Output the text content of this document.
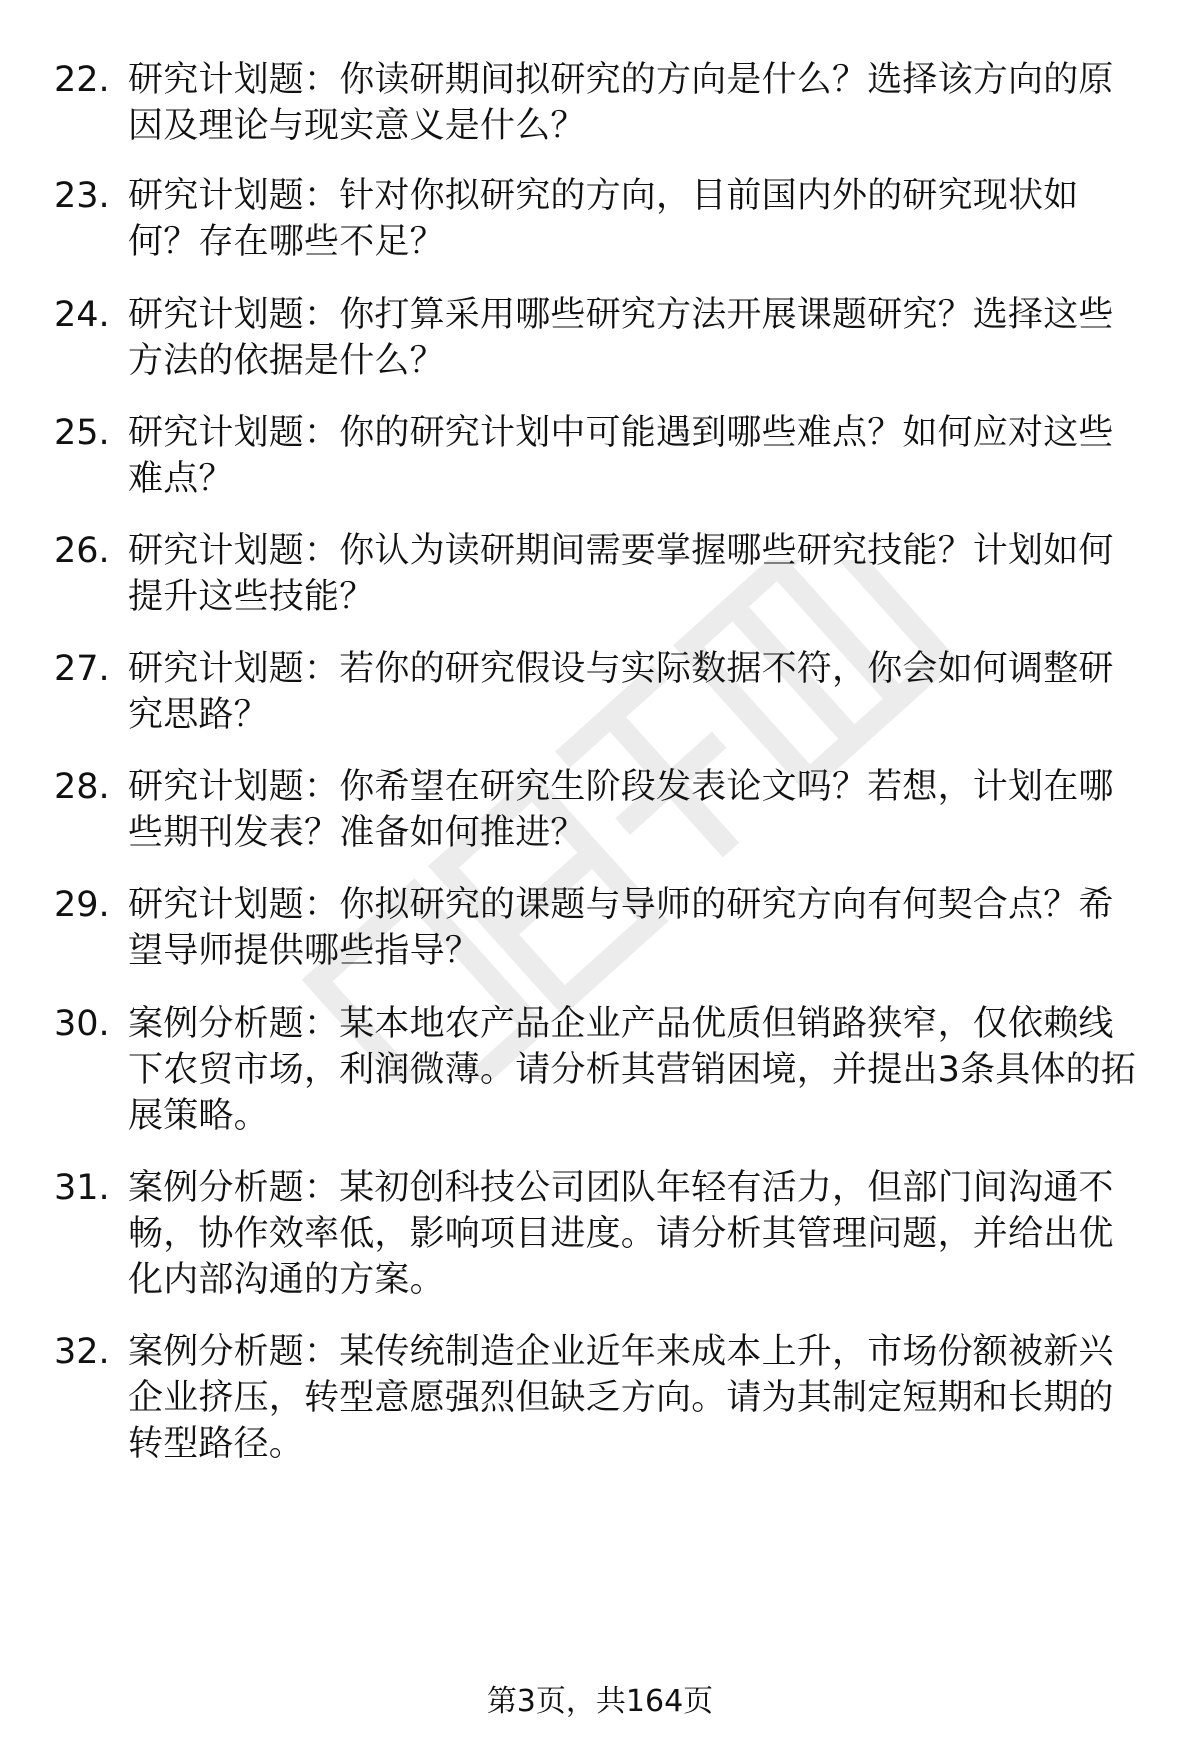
22. 研究计划题：你读研期间拟研究的方向是什么？选择该方向的原
因及理论与现实意义是什么？
23. 研究计划题：针对你拟研究的方向，目前国内外的研究现状如
何？存在哪些不足？
24. 研究计划题：你打算采用哪些研究方法开展课题研究？选择这些
方法的依据是什么？
25. 研究计划题：你的研究计划中可能遇到哪些难点？如何应对这些
难点？
26. 研究计划题：你认为读研期间需要掌握哪些研究技能？计划如何
提升这些技能？
27. 研究计划题：若你的研究假设与实际数据不符，你会如何调整研
究思路？
28. 研究计划题：你希望在研究生阶段发表论文吗？若想，计划在哪
些期刊发表？准备如何推进？
29. 研究计划题：你拟研究的课题与导师的研究方向有何契合点？希
望导师提供哪些指导？
30. 案例分析题：某本地农产品企业产品优质但销路狭窄，仅依赖线
下农贸市场，利润微薄。请分析其营销困境，并提出3条具体的拓
展策略。
31. 案例分析题：某初创科技公司团队年轻有活力，但部门间沟通不
畅，协作效率低，影响项目进度。请分析其管理问题，并给出优
化内部沟通的方案。
32. 案例分析题：某传统制造企业近年来成本上升，市场份额被新兴
企业挤压，转型意愿强烈但缺乏方向。请为其制定短期和长期的
转型路径。
第3页，共164页
